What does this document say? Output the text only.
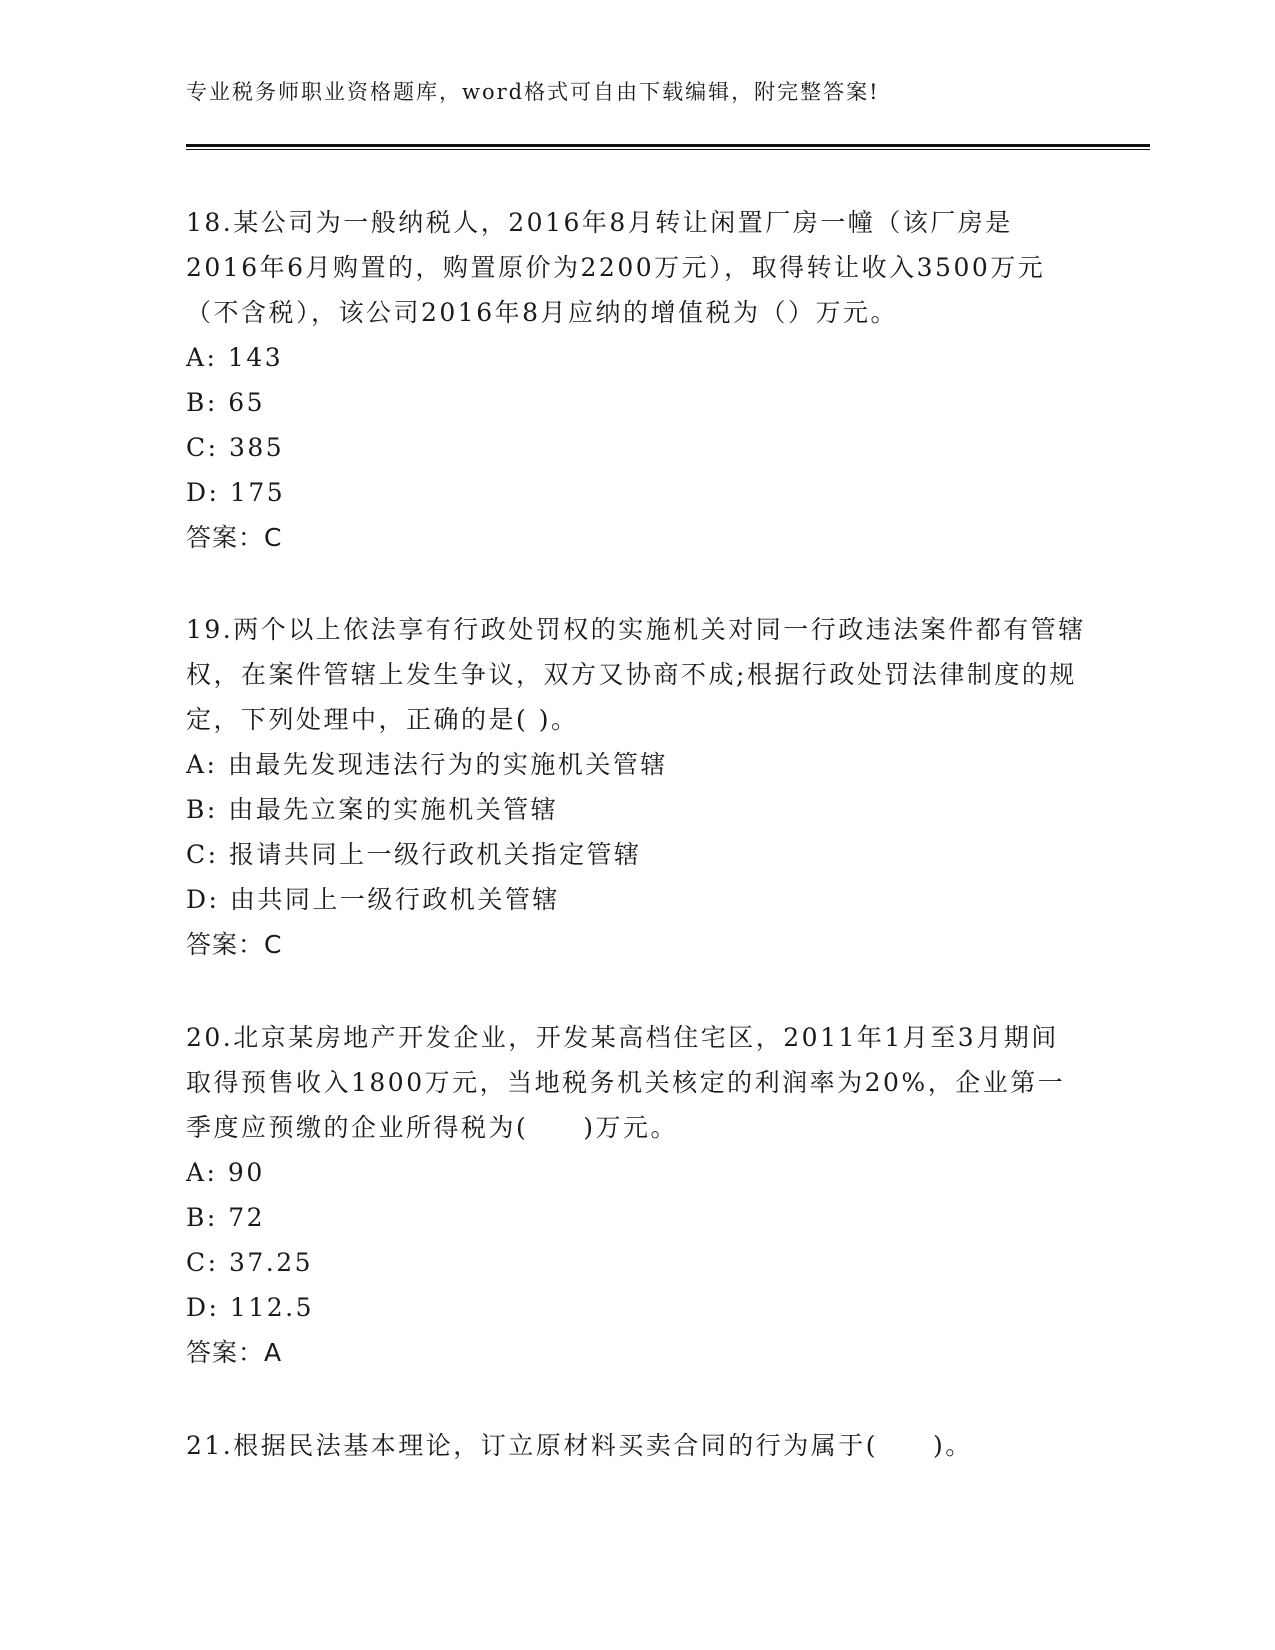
专业税务师职业资格题库，word格式可自由下载编辑，附完整答案!

18.某公司为一般纳税人，2016年8月转让闲置厂房一幢（该厂房是2016年6月购置的，购置原价为2200万元），取得转让收入3500万元（不含税），该公司2016年8月应纳的增值税为（）万元。

A: 143

B: 65

C: 385

D: 175

答案：C

19.两个以上依法享有行政处罚权的实施机关对同一行政违法案件都有管辖权，在案件管辖上发生争议，双方又协商不成;根据行政处罚法律制度的规定，下列处理中，正确的是( )。

A: 由最先发现违法行为的实施机关管辖

B: 由最先立案的实施机关管辖

C: 报请共同上一级行政机关指定管辖

D: 由共同上一级行政机关管辖

答案：C

20.北京某房地产开发企业，开发某高档住宅区，2011年1月至3月期间取得预售收入1800万元，当地税务机关核定的利润率为20%，企业第一季度应预缴的企业所得税为(　　)万元。

A: 90

B: 72

C: 37.25

D: 112.5

答案：A

21.根据民法基本理论，订立原材料买卖合同的行为属于(　　)。
